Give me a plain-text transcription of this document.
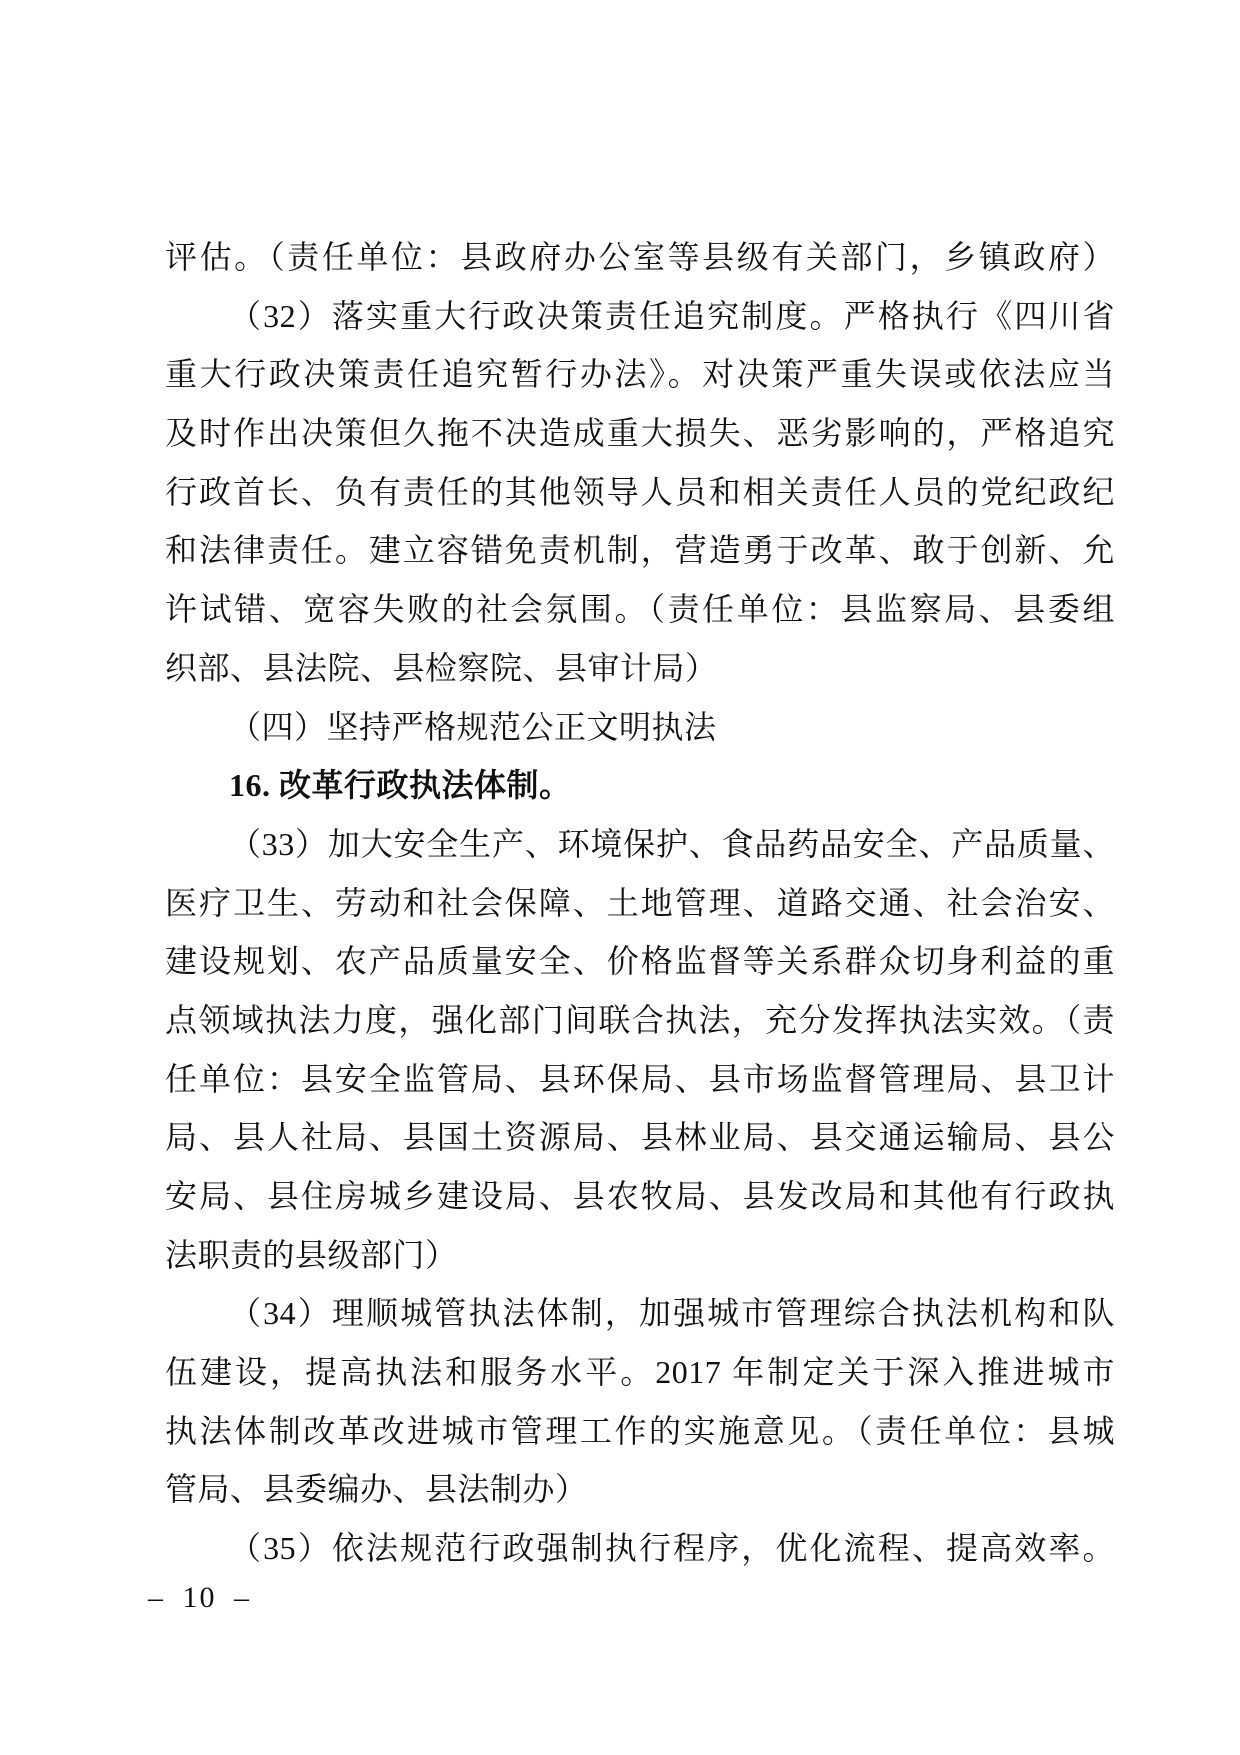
评估。（责任单位：县政府办公室等县级有关部门，乡镇政府）
（32）落实重大行政决策责任追究制度。严格执行《四川省
重大行政决策责任追究暂行办法》。对决策严重失误或依法应当
及时作出决策但久拖不决造成重大损失、恶劣影响的，严格追究
行政首长、负有责任的其他领导人员和相关责任人员的党纪政纪
和法律责任。建立容错免责机制，营造勇于改革、敢于创新、允
许试错、宽容失败的社会氛围。（责任单位：县监察局、县委组
织部、县法院、县检察院、县审计局）
（四）坚持严格规范公正文明执法
16. 改革行政执法体制。
（33）加大安全生产、环境保护、食品药品安全、产品质量、
医疗卫生、劳动和社会保障、土地管理、道路交通、社会治安、
建设规划、农产品质量安全、价格监督等关系群众切身利益的重
点领域执法力度，强化部门间联合执法，充分发挥执法实效。（责
任单位：县安全监管局、县环保局、县市场监督管理局、县卫计
局、县人社局、县国土资源局、县林业局、县交通运输局、县公
安局、县住房城乡建设局、县农牧局、县发改局和其他有行政执
法职责的县级部门）
（34）理顺城管执法体制，加强城市管理综合执法机构和队
伍建设，提高执法和服务水平。2017 年制定关于深入推进城市
执法体制改革改进城市管理工作的实施意见。（责任单位：县城
管局、县委编办、县法制办）
（35）依法规范行政强制执行程序，优化流程、提高效率。
– 10 –
